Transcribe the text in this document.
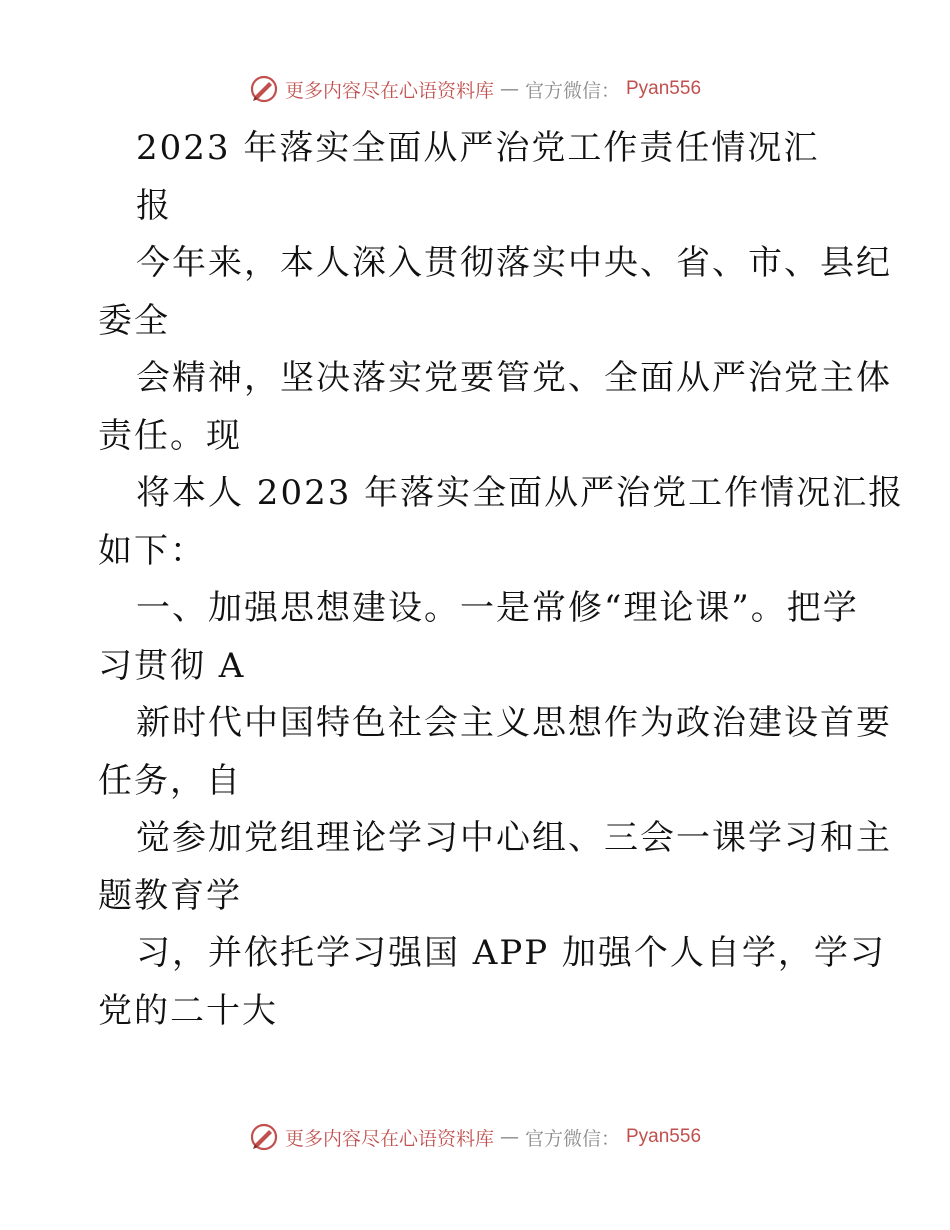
更多内容尽在心语资料库 — 官方微信： Pyan556
2023 年落实全面从严治党工作责任情况汇
报
今年来，本人深入贯彻落实中央、省、市、县纪
委全
会精神，坚决落实党要管党、全面从严治党主体
责任。现
将本人 2023 年落实全面从严治党工作情况汇报
如下：
一、加强思想建设。一是常修“理论课”。把学
习贯彻 A
新时代中国特色社会主义思想作为政治建设首要
任务，自
觉参加党组理论学习中心组、三会一课学习和主
题教育学
习，并依托学习强国 APP 加强个人自学，学习
党的二十大
更多内容尽在心语资料库 — 官方微信： Pyan556
